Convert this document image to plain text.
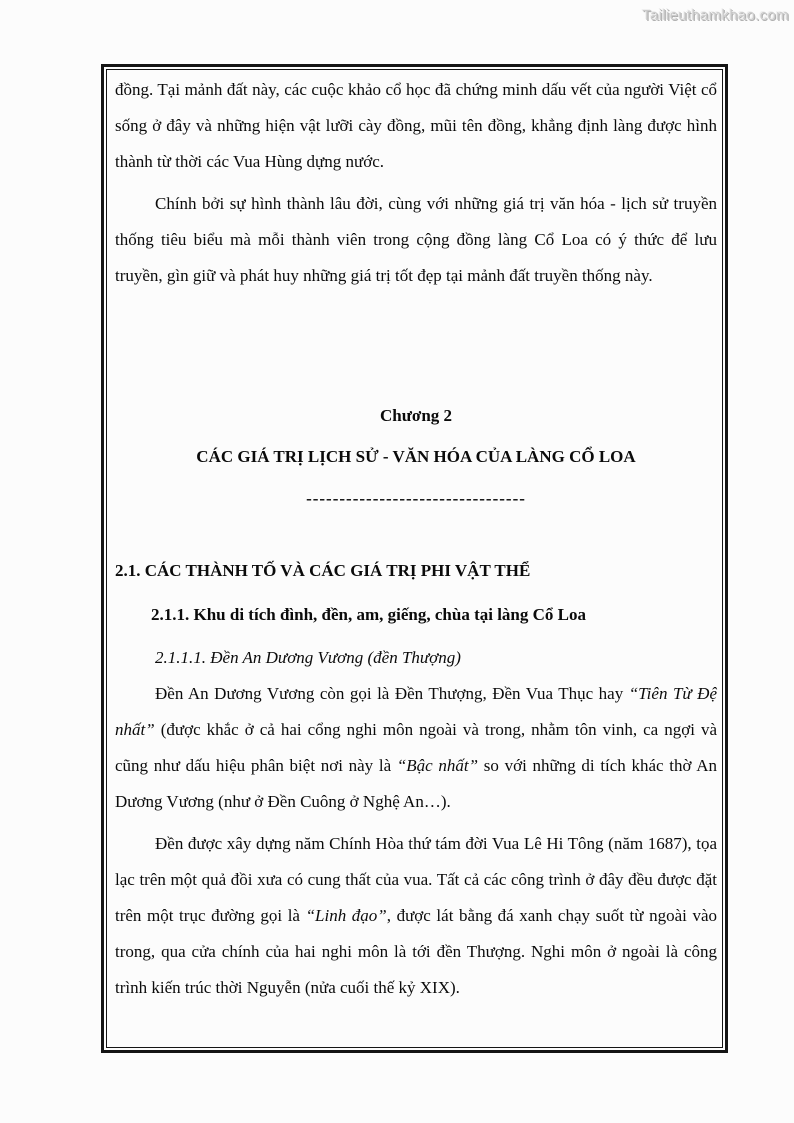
Tailieuthamkhao.com

đồng. Tại mảnh đất này, các cuộc khảo cổ học đã chứng minh dấu vết của người Việt cổ sống ở đây và những hiện vật lưỡi cày đồng, mũi tên đồng, khẳng định làng được hình thành từ thời các Vua Hùng dựng nước.

Chính bởi sự hình thành lâu đời, cùng với những giá trị văn hóa - lịch sử truyền thống tiêu biểu mà mỗi thành viên trong cộng đồng làng Cổ Loa có ý thức để lưu truyền, gìn giữ và phát huy những giá trị tốt đẹp tại mảnh đất truyền thống này.

Chương 2
CÁC GIÁ TRỊ LỊCH SỬ - VĂN HÓA CỦA LÀNG CỔ LOA
---------------------------------
2.1. CÁC THÀNH TỐ VÀ CÁC GIÁ TRỊ PHI VẬT THỂ
2.1.1. Khu di tích đình, đền, am, giếng, chùa tại làng Cổ Loa
2.1.1.1. Đền An Dương Vương (đền Thượng)

Đền An Dương Vương còn gọi là Đền Thượng, Đền Vua Thục hay “Tiên Từ Đệ nhất” (được khắc ở cả hai cổng nghi môn ngoài và trong, nhằm tôn vinh, ca ngợi và cũng như dấu hiệu phân biệt nơi này là “Bậc nhất” so với những di tích khác thờ An Dương Vương (như ở Đền Cuông ở Nghệ An…).

Đền được xây dựng năm Chính Hòa thứ tám đời Vua Lê Hi Tông (năm 1687), tọa lạc trên một quả đồi xưa có cung thất của vua. Tất cả các công trình ở đây đều được đặt trên một trục đường gọi là “Linh đạo”, được lát bằng đá xanh chạy suốt từ ngoài vào trong, qua cửa chính của hai nghi môn là tới đền Thượng. Nghi môn ở ngoài là công trình kiến trúc thời Nguyễn (nửa cuối thế kỷ XIX).
